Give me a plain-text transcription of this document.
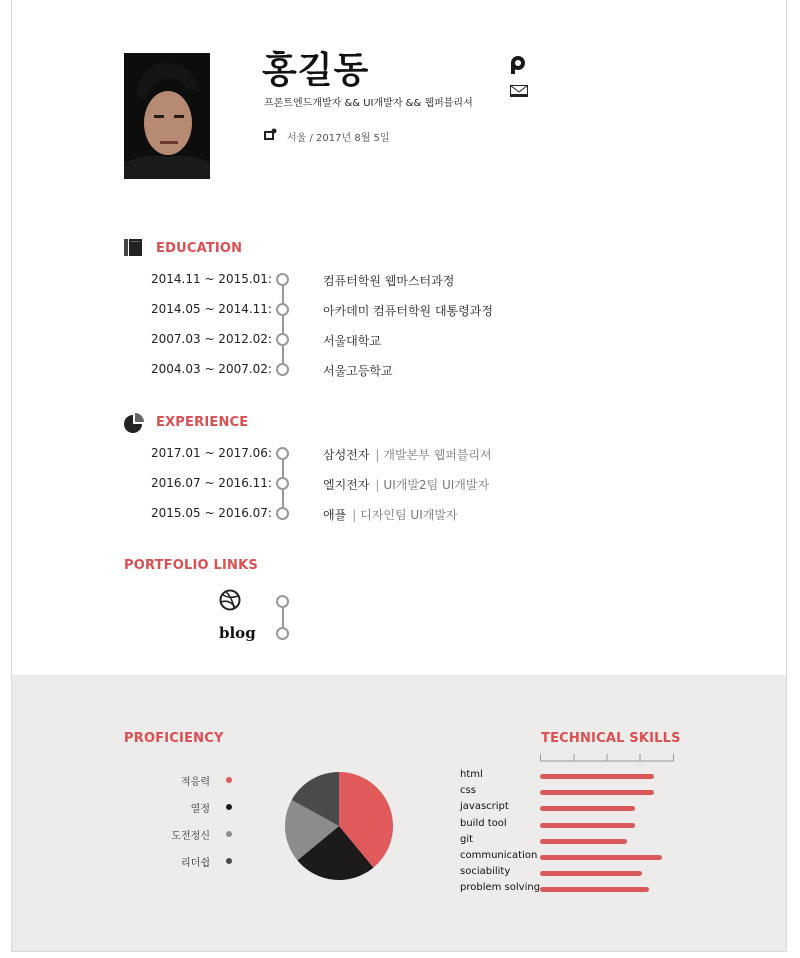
홍길동
프론트엔드개발자 && UI개발자 && 웹퍼블리셔
서울 / 2017년 8월 5일
EDUCATION
2014.11 ~ 2015.01:	컴퓨터학원 웹마스터과정
2014.05 ~ 2014.11:	아카데미 컴퓨터학원 대통령과정
2007.03 ~ 2012.02:	서울대학교
2004.03 ~ 2007.02:	서울고등학교
EXPERIENCE
2017.01 ~ 2017.06:	삼성전자 | 개발본부 웹퍼블리셔
2016.07 ~ 2016.11:	엘지전자 | UI개발2팀 UI개발자
2015.05 ~ 2016.07:	애플 | 디자인팀 UI개발자
PORTFOLIO LINKS
blog
PROFICIENCY
적응력
열정
도전정신
리더쉽
TECHNICAL SKILLS
html
css
javascript
build tool
git
communication
sociability
problem solving
